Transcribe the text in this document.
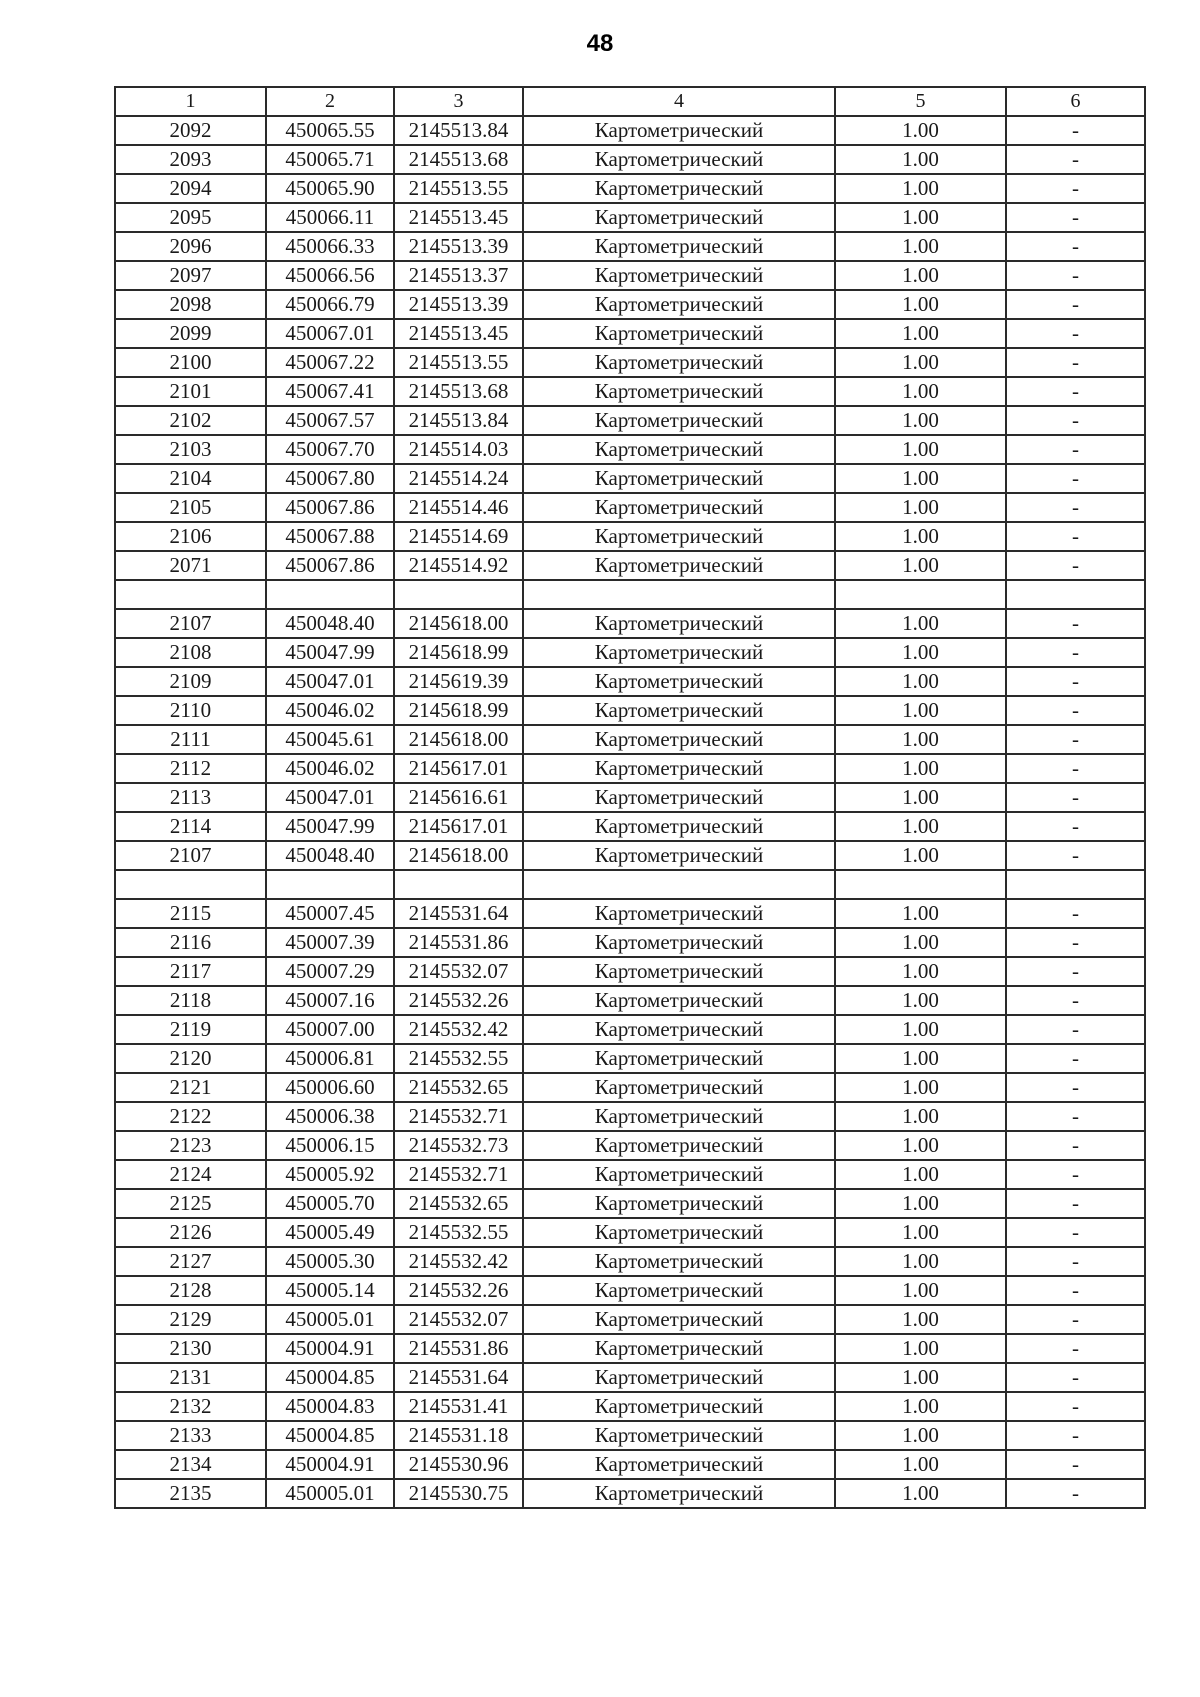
48
1	2	3	4	5	6
2092	450065.55	2145513.84	Картометрический	1.00	-
2093	450065.71	2145513.68	Картометрический	1.00	-
2094	450065.90	2145513.55	Картометрический	1.00	-
2095	450066.11	2145513.45	Картометрический	1.00	-
2096	450066.33	2145513.39	Картометрический	1.00	-
2097	450066.56	2145513.37	Картометрический	1.00	-
2098	450066.79	2145513.39	Картометрический	1.00	-
2099	450067.01	2145513.45	Картометрический	1.00	-
2100	450067.22	2145513.55	Картометрический	1.00	-
2101	450067.41	2145513.68	Картометрический	1.00	-
2102	450067.57	2145513.84	Картометрический	1.00	-
2103	450067.70	2145514.03	Картометрический	1.00	-
2104	450067.80	2145514.24	Картометрический	1.00	-
2105	450067.86	2145514.46	Картометрический	1.00	-
2106	450067.88	2145514.69	Картометрический	1.00	-
2071	450067.86	2145514.92	Картометрический	1.00	-

2107	450048.40	2145618.00	Картометрический	1.00	-
2108	450047.99	2145618.99	Картометрический	1.00	-
2109	450047.01	2145619.39	Картометрический	1.00	-
2110	450046.02	2145618.99	Картометрический	1.00	-
2111	450045.61	2145618.00	Картометрический	1.00	-
2112	450046.02	2145617.01	Картометрический	1.00	-
2113	450047.01	2145616.61	Картометрический	1.00	-
2114	450047.99	2145617.01	Картометрический	1.00	-
2107	450048.40	2145618.00	Картометрический	1.00	-

2115	450007.45	2145531.64	Картометрический	1.00	-
2116	450007.39	2145531.86	Картометрический	1.00	-
2117	450007.29	2145532.07	Картометрический	1.00	-
2118	450007.16	2145532.26	Картометрический	1.00	-
2119	450007.00	2145532.42	Картометрический	1.00	-
2120	450006.81	2145532.55	Картометрический	1.00	-
2121	450006.60	2145532.65	Картометрический	1.00	-
2122	450006.38	2145532.71	Картометрический	1.00	-
2123	450006.15	2145532.73	Картометрический	1.00	-
2124	450005.92	2145532.71	Картометрический	1.00	-
2125	450005.70	2145532.65	Картометрический	1.00	-
2126	450005.49	2145532.55	Картометрический	1.00	-
2127	450005.30	2145532.42	Картометрический	1.00	-
2128	450005.14	2145532.26	Картометрический	1.00	-
2129	450005.01	2145532.07	Картометрический	1.00	-
2130	450004.91	2145531.86	Картометрический	1.00	-
2131	450004.85	2145531.64	Картометрический	1.00	-
2132	450004.83	2145531.41	Картометрический	1.00	-
2133	450004.85	2145531.18	Картометрический	1.00	-
2134	450004.91	2145530.96	Картометрический	1.00	-
2135	450005.01	2145530.75	Картометрический	1.00	-
